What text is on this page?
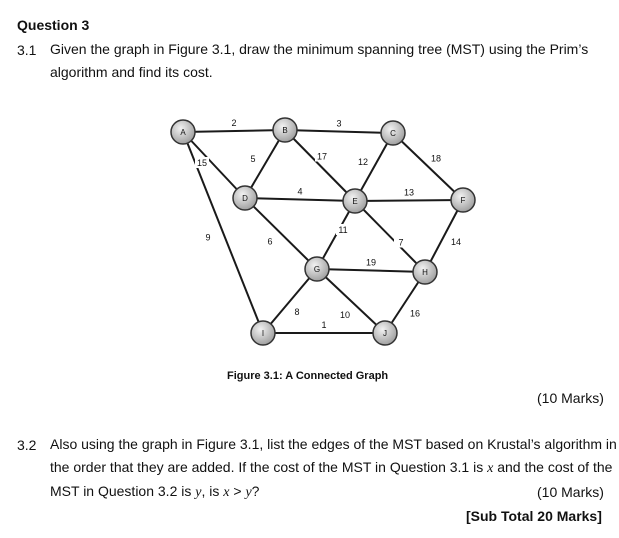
Question 3
3.1 Given the graph in Figure 3.1, draw the minimum spanning tree (MST) using the Prim’s
algorithm and find its cost.
2	3
15
9
5	17
12	18
4	13
6
11
7	14
19
8	10	16
1
A	B	C
D	E	F
G	H
I	J
Figure 3.1: A Connected Graph
(10 Marks)
3.2 Also using the graph in Figure 3.1, list the edges of the MST based on Krustal’s algorithm in
the order that they are added. If the cost of the MST in Question 3.1 is x and the cost of the
MST in Question 3.2 is y, is x > y?	(10 Marks)
[Sub Total 20 Marks]
